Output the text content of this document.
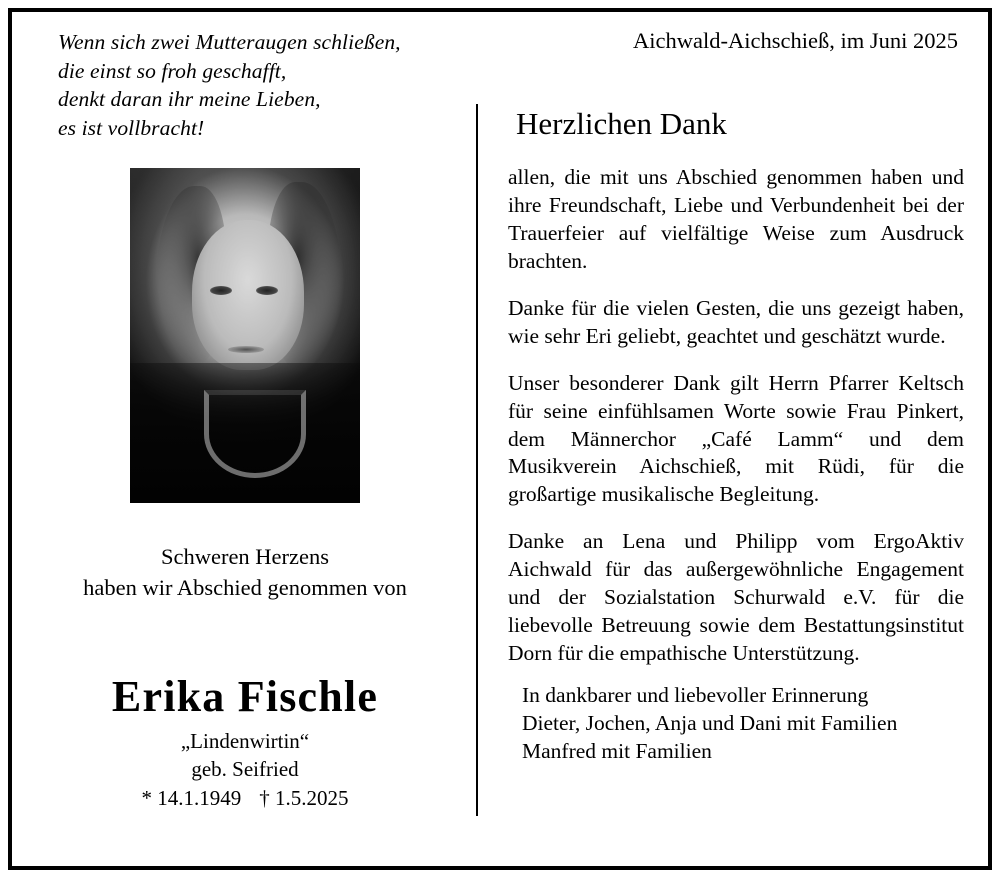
Wenn sich zwei Mutteraugen schließen,
die einst so froh geschafft,
denkt daran ihr meine Lieben,
es ist vollbracht!
Schweren Herzens
haben wir Abschied genommen von
Erika Fischle
„Lindenwirtin“
geb. Seifried
* 14.1.1949 † 1.5.2025
Aichwald-Aichschieß, im Juni 2025
Herzlichen Dank
allen, die mit uns Abschied genommen haben und ihre Freundschaft, Liebe und Verbundenheit bei der Trauerfeier auf vielfältige Weise zum Ausdruck brachten.
Danke für die vielen Gesten, die uns gezeigt haben, wie sehr Eri geliebt, geachtet und geschätzt wurde.
Unser besonderer Dank gilt Herrn Pfarrer Keltsch für seine einfühlsamen Worte sowie Frau Pinkert, dem Männerchor „Café Lamm“ und dem Musikverein Aichschieß, mit Rüdi, für die großartige musikalische Begleitung.
Danke an Lena und Philipp vom ErgoAktiv Aichwald für das außergewöhnliche Engagement und der Sozialstation Schurwald e.V. für die liebevolle Betreuung sowie dem Bestattungsinstitut Dorn für die empathische Unterstützung.
In dankbarer und liebevoller Erinnerung
Dieter, Jochen, Anja und Dani mit Familien
Manfred mit Familien
